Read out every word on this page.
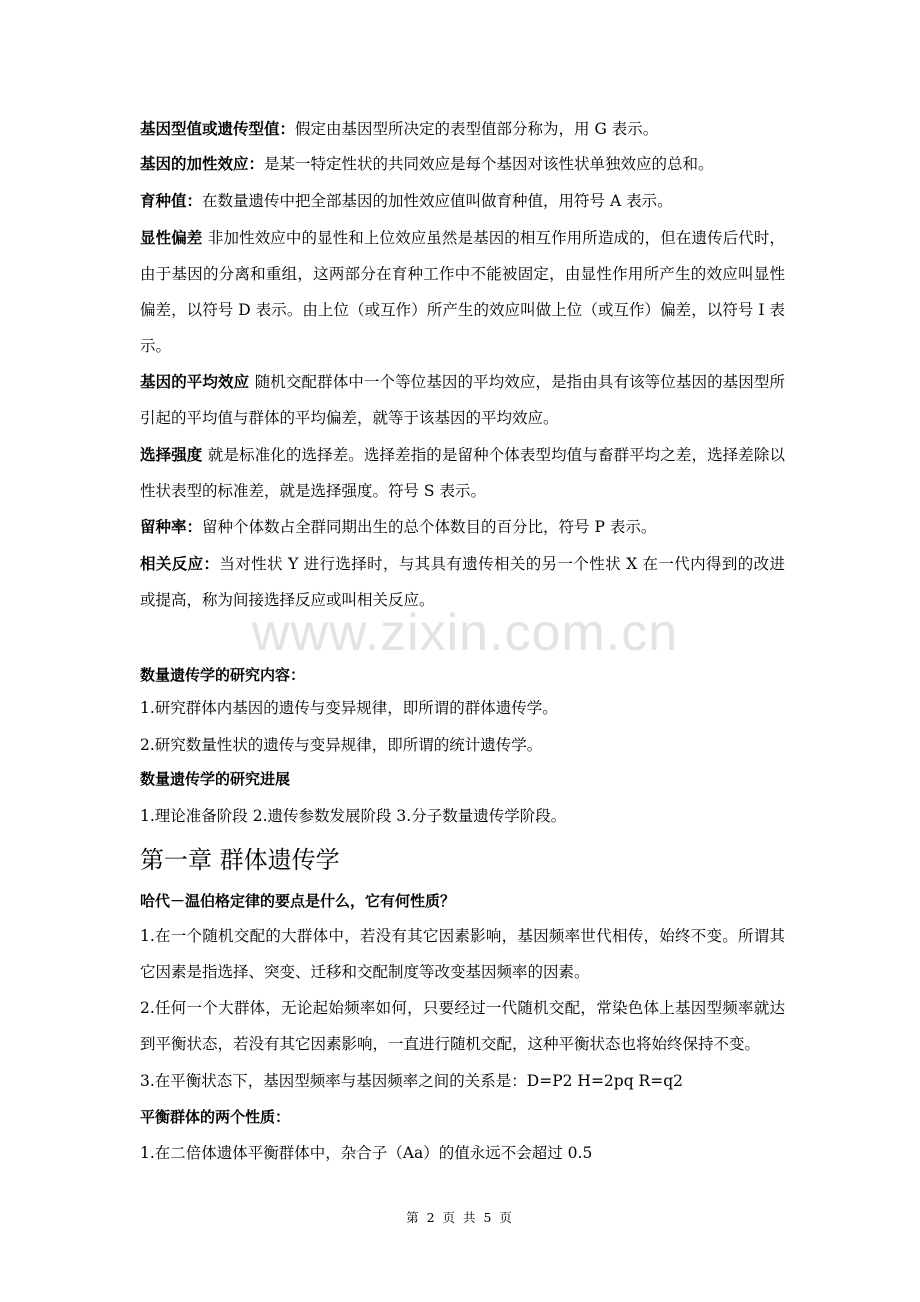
www.zixin.com.cn

基因型值或遗传型值：假定由基因型所决定的表型值部分称为，用 G 表示。

基因的加性效应：是某一特定性状的共同效应是每个基因对该性状单独效应的总和。

育种值：在数量遗传中把全部基因的加性效应值叫做育种值，用符号 A 表示。

显性偏差 非加性效应中的显性和上位效应虽然是基因的相互作用所造成的，但在遗传后代时，由于基因的分离和重组，这两部分在育种工作中不能被固定，由显性作用所产生的效应叫显性偏差，以符号 D 表示。由上位（或互作）所产生的效应叫做上位（或互作）偏差，以符号 I 表示。

基因的平均效应 随机交配群体中一个等位基因的平均效应，是指由具有该等位基因的基因型所引起的平均值与群体的平均偏差，就等于该基因的平均效应。

选择强度 就是标准化的选择差。选择差指的是留种个体表型均值与畜群平均之差，选择差除以性状表型的标准差，就是选择强度。符号 S 表示。

留种率：留种个体数占全群同期出生的总个体数目的百分比，符号 P 表示。

相关反应：当对性状 Y 进行选择时，与其具有遗传相关的另一个性状 X 在一代内得到的改进或提高，称为间接选择反应或叫相关反应。

数量遗传学的研究内容：

1.研究群体内基因的遗传与变异规律，即所谓的群体遗传学。

2.研究数量性状的遗传与变异规律，即所谓的统计遗传学。

数量遗传学的研究进展

1.理论准备阶段 2.遗传参数发展阶段 3.分子数量遗传学阶段。

第一章 群体遗传学

哈代－温伯格定律的要点是什么，它有何性质？

1.在一个随机交配的大群体中，若没有其它因素影响，基因频率世代相传，始终不变。所谓其它因素是指选择、突变、迁移和交配制度等改变基因频率的因素。

2.任何一个大群体，无论起始频率如何，只要经过一代随机交配，常染色体上基因型频率就达到平衡状态，若没有其它因素影响，一直进行随机交配，这种平衡状态也将始终保持不变。

3.在平衡状态下，基因型频率与基因频率之间的关系是：D=P2 H=2pq R=q2

平衡群体的两个性质：

1.在二倍体遗体平衡群体中，杂合子（Aa）的值永远不会超过 0.5

第 2 页 共 5 页
